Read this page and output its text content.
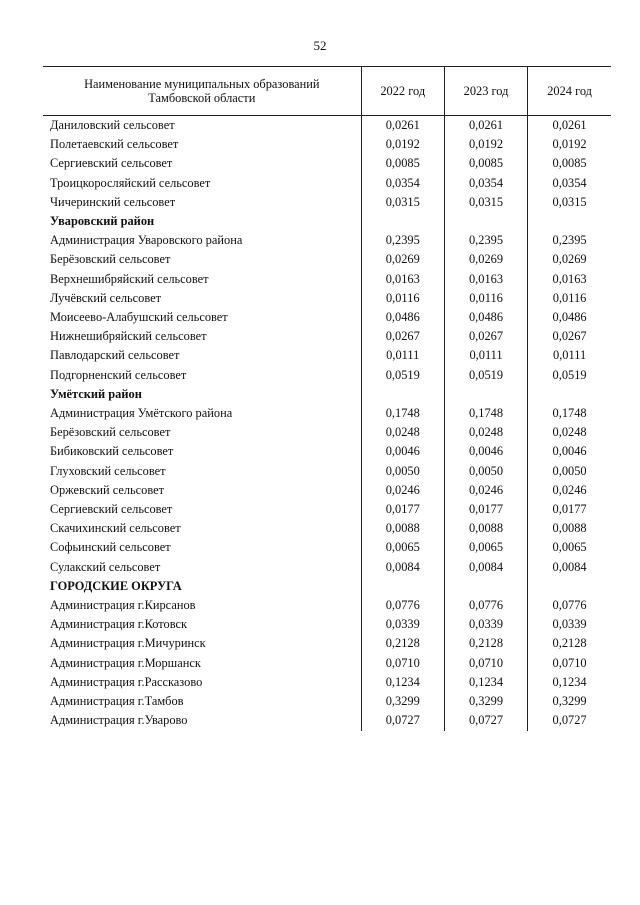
52
Наименование муниципальных образований Тамбовской области	2022 год	2023 год	2024 год
Даниловский сельсовет	0,0261	0,0261	0,0261
Полетаевский сельсовет	0,0192	0,0192	0,0192
Сергиевский сельсовет	0,0085	0,0085	0,0085
Троицкоросляйский сельсовет	0,0354	0,0354	0,0354
Чичеринский сельсовет	0,0315	0,0315	0,0315
Уваровский район			
Администрация Уваровского района	0,2395	0,2395	0,2395
Берёзовский сельсовет	0,0269	0,0269	0,0269
Верхнешибряйский сельсовет	0,0163	0,0163	0,0163
Лучёвский сельсовет	0,0116	0,0116	0,0116
Моисеево-Алабушский сельсовет	0,0486	0,0486	0,0486
Нижнешибряйский сельсовет	0,0267	0,0267	0,0267
Павлодарский сельсовет	0,0111	0,0111	0,0111
Подгорненский сельсовет	0,0519	0,0519	0,0519
Умётский район			
Администрация Умётского района	0,1748	0,1748	0,1748
Берёзовский сельсовет	0,0248	0,0248	0,0248
Бибиковский сельсовет	0,0046	0,0046	0,0046
Глуховский сельсовет	0,0050	0,0050	0,0050
Оржевский сельсовет	0,0246	0,0246	0,0246
Сергиевский сельсовет	0,0177	0,0177	0,0177
Скачихинский сельсовет	0,0088	0,0088	0,0088
Софьинский сельсовет	0,0065	0,0065	0,0065
Сулакский сельсовет	0,0084	0,0084	0,0084
ГОРОДСКИЕ ОКРУГА			
Администрация г.Кирсанов	0,0776	0,0776	0,0776
Администрация г.Котовск	0,0339	0,0339	0,0339
Администрация г.Мичуринск	0,2128	0,2128	0,2128
Администрация г.Моршанск	0,0710	0,0710	0,0710
Администрация г.Рассказово	0,1234	0,1234	0,1234
Администрация г.Тамбов	0,3299	0,3299	0,3299
Администрация г.Уварово	0,0727	0,0727	0,0727
